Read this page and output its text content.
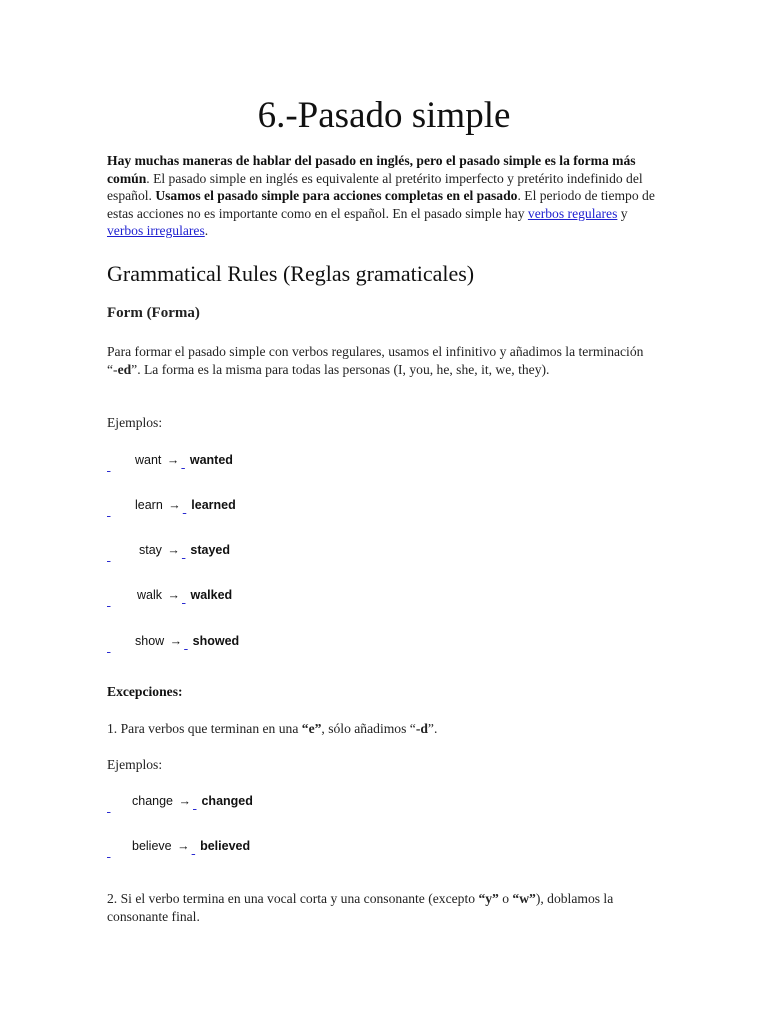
6.-Pasado simple
Hay muchas maneras de hablar del pasado en inglés, pero el pasado simple es la forma más común. El pasado simple en inglés es equivalente al pretérito imperfecto y pretérito indefinido del español. Usamos el pasado simple para acciones completas en el pasado. El periodo de tiempo de estas acciones no es importante como en el español. En el pasado simple hay verbos regulares y verbos irregulares.
Grammatical Rules (Reglas gramaticales)
Form (Forma)
Para formar el pasado simple con verbos regulares, usamos el infinitivo y añadimos la terminación “-ed”. La forma es la misma para todas las personas (I, you, he, she, it, we, they).
Ejemplos:
want → wanted
learn → learned
stay → stayed
walk → walked
show → showed
Excepciones:
1. Para verbos que terminan en una “e”, sólo añadimos “-d”.
Ejemplos:
change → changed
believe → believed
2. Si el verbo termina en una vocal corta y una consonante (excepto “y” o “w”), doblamos la consonante final.
